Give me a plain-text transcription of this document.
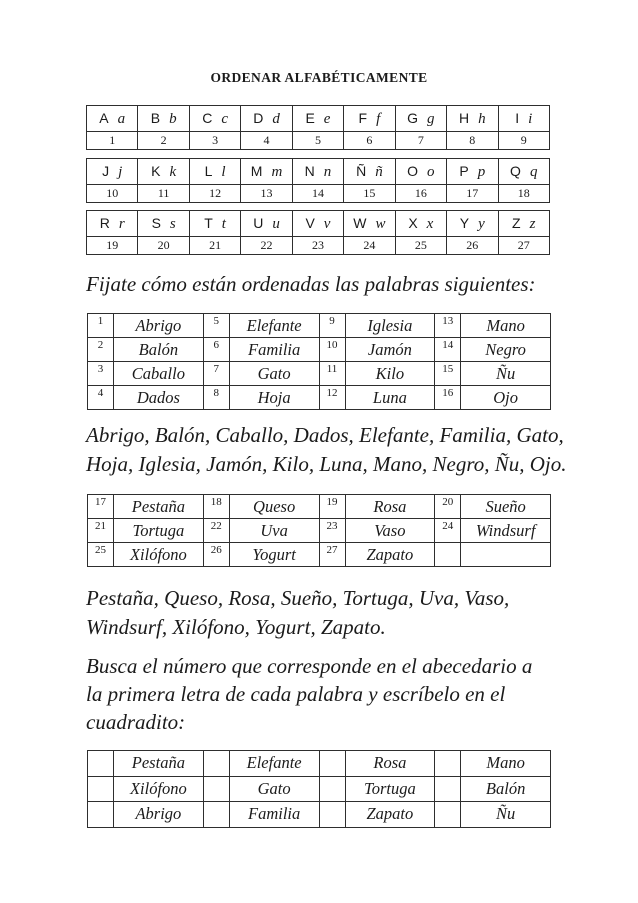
ORDENAR ALFABÉTICAMENTE
A a	B b	C c	D d	E e	F f	G g	H h	I i
1	2	3	4	5	6	7	8	9
J j	K k	L l	M m	N n	Ñ ñ	O o	P p	Q q
10	11	12	13	14	15	16	17	18
R r	S s	T t	U u	V v	W w	X x	Y y	Z z
19	20	21	22	23	24	25	26	27
Fijate cómo están ordenadas las palabras siguientes:
1	Abrigo	5	Elefante	9	Iglesia	13	Mano
2	Balón	6	Familia	10	Jamón	14	Negro
3	Caballo	7	Gato	11	Kilo	15	Ñu
4	Dados	8	Hoja	12	Luna	16	Ojo
Abrigo, Balón, Caballo, Dados, Elefante, Familia, Gato,
Hoja, Iglesia, Jamón, Kilo, Luna, Mano, Negro, Ñu, Ojo.
17	Pestaña	18	Queso	19	Rosa	20	Sueño
21	Tortuga	22	Uva	23	Vaso	24	Windsurf
25	Xilófono	26	Yogurt	27	Zapato		
Pestaña, Queso, Rosa, Sueño, Tortuga, Uva, Vaso,
Windsurf, Xilófono, Yogurt, Zapato.
Busca el número que corresponde en el abecedario a
la primera letra de cada palabra y escríbelo en el
cuadradito:
	Pestaña		Elefante		Rosa		Mano
	Xilófono		Gato		Tortuga		Balón
	Abrigo		Familia		Zapato		Ñu
